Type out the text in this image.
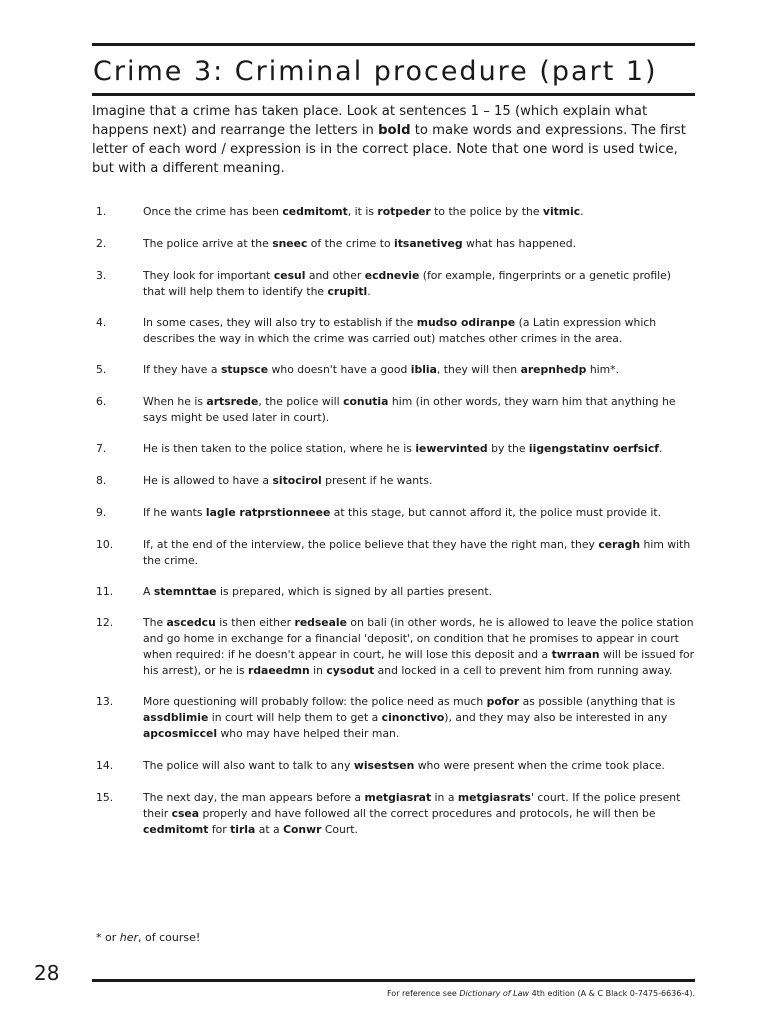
Crime 3: Criminal procedure (part 1)

Imagine that a crime has taken place. Look at sentences 1 – 15 (which explain what happens next) and rearrange the letters in bold to make words and expressions. The first letter of each word / expression is in the correct place. Note that one word is used twice, but with a different meaning.

1.	Once the crime has been cedmitomt, it is rotpeder to the police by the vitmic.
2.	The police arrive at the sneec of the crime to itsanetiveg what has happened.
3.	They look for important cesul and other ecdnevie (for example, fingerprints or a genetic profile) that will help them to identify the crupitl.
4.	In some cases, they will also try to establish if the mudso odiranpe (a Latin expression which describes the way in which the crime was carried out) matches other crimes in the area.
5.	If they have a stupsce who doesn't have a good iblia, they will then arepnhedp him*.
6.	When he is artsrede, the police will conutia him (in other words, they warn him that anything he says might be used later in court).
7.	He is then taken to the police station, where he is iewervinted by the iigengstatinv oerfsicf.
8.	He is allowed to have a sitocirol present if he wants.
9.	If he wants lagle ratprstionneee at this stage, but cannot afford it, the police must provide it.
10.	If, at the end of the interview, the police believe that they have the right man, they ceragh him with the crime.
11.	A stemnttae is prepared, which is signed by all parties present.
12.	The ascedcu is then either redseale on bali (in other words, he is allowed to leave the police station and go home in exchange for a financial 'deposit', on condition that he promises to appear in court when required: if he doesn't appear in court, he will lose this deposit and a twrraan will be issued for his arrest), or he is rdaeedmn in cysodut and locked in a cell to prevent him from running away.
13.	More questioning will probably follow: the police need as much pofor as possible (anything that is assdblimie in court will help them to get a cinonctivo), and they may also be interested in any apcosmiccel who may have helped their man.
14.	The police will also want to talk to any wisestsen who were present when the crime took place.
15.	The next day, the man appears before a metgiasrat in a metgiasrats' court. If the police present their csea properly and have followed all the correct procedures and protocols, he will then be cedmitomt for tirla at a Conwr Court.

* or her, of course!

28

For reference see Dictionary of Law 4th edition (A & C Black 0-7475-6636-4).
